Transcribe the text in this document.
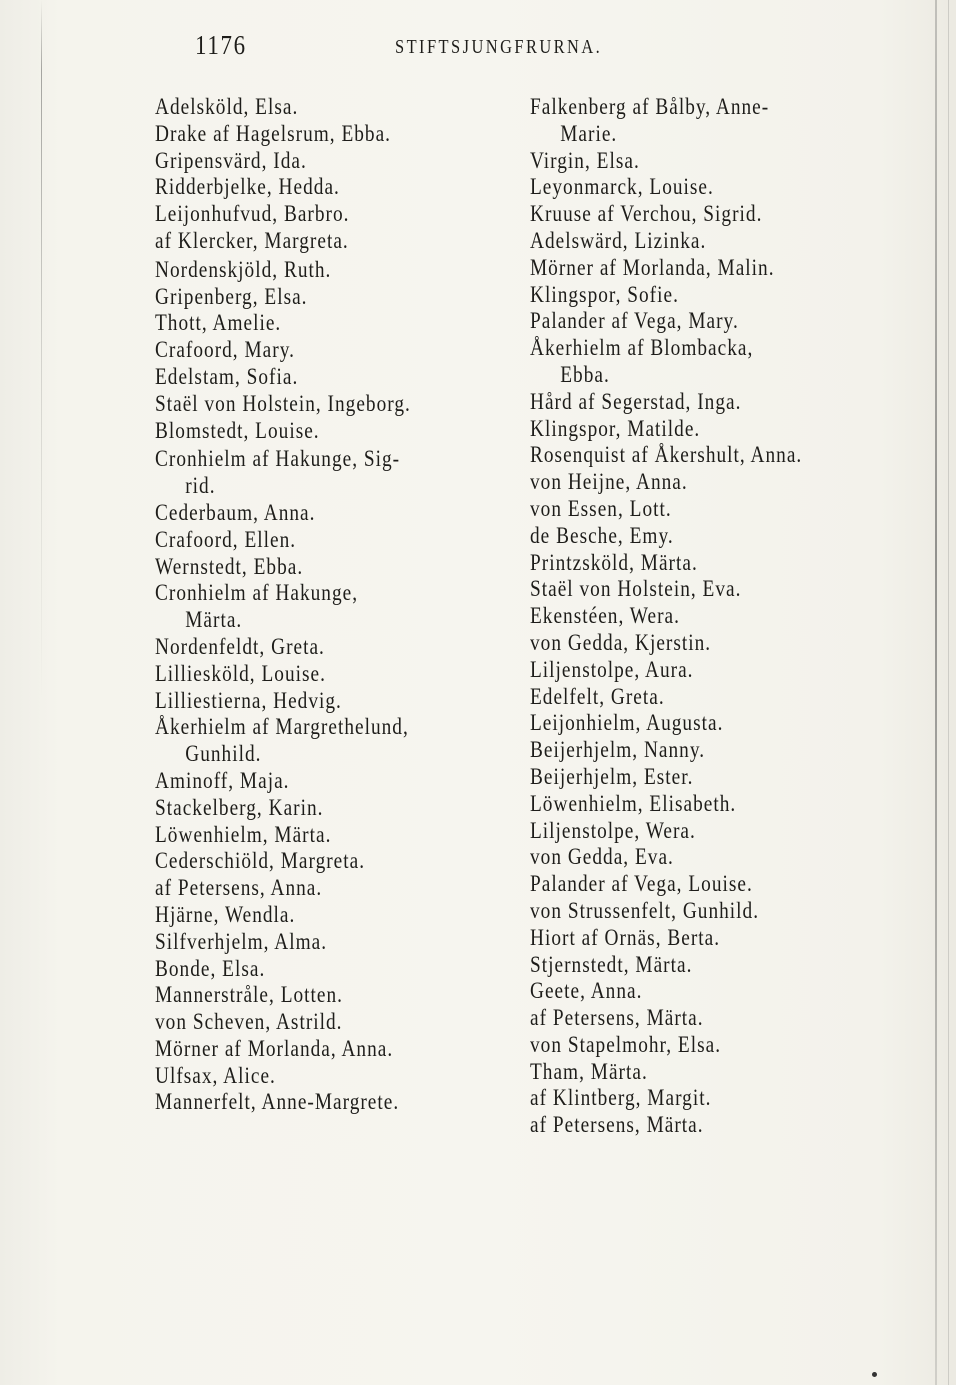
1176	STIFTSJUNGFRURNA.
Adelsköld, Elsa.
Drake af Hagelsrum, Ebba.
Gripensvärd, Ida.
Ridderbjelke, Hedda.
Leijonhufvud, Barbro.
af Klercker, Margreta.
Nordenskjöld, Ruth.
Gripenberg, Elsa.
Thott, Amelie.
Crafoord, Mary.
Edelstam, Sofia.
Staël von Holstein, Ingeborg.
Blomstedt, Louise.
Cronhielm af Hakunge, Sig-
rid.
Cederbaum, Anna.
Crafoord, Ellen.
Wernstedt, Ebba.
Cronhielm af Hakunge,
Märta.
Nordenfeldt, Greta.
Lilliesköld, Louise.
Lilliestierna, Hedvig.
Åkerhielm af Margrethelund,
Gunhild.
Aminoff, Maja.
Stackelberg, Karin.
Löwenhielm, Märta.
Cederschiöld, Margreta.
af Petersens, Anna.
Hjärne, Wendla.
Silfverhjelm, Alma.
Bonde, Elsa.
Mannerstråle, Lotten.
von Scheven, Astrild.
Mörner af Morlanda, Anna.
Ulfsax, Alice.
Mannerfelt, Anne-Margrete.
Falkenberg af Bålby, Anne-
Marie.
Virgin, Elsa.
Leyonmarck, Louise.
Kruuse af Verchou, Sigrid.
Adelswärd, Lizinka.
Mörner af Morlanda, Malin.
Klingspor, Sofie.
Palander af Vega, Mary.
Åkerhielm af Blombacka,
Ebba.
Hård af Segerstad, Inga.
Klingspor, Matilde.
Rosenquist af Åkershult, Anna.
von Heijne, Anna.
von Essen, Lott.
de Besche, Emy.
Printzsköld, Märta.
Staël von Holstein, Eva.
Ekenstéen, Wera.
von Gedda, Kjerstin.
Liljenstolpe, Aura.
Edelfelt, Greta.
Leijonhielm, Augusta.
Beijerhjelm, Nanny.
Beijerhjelm, Ester.
Löwenhielm, Elisabeth.
Liljenstolpe, Wera.
von Gedda, Eva.
Palander af Vega, Louise.
von Strussenfelt, Gunhild.
Hiort af Ornäs, Berta.
Stjernstedt, Märta.
Geete, Anna.
af Petersens, Märta.
von Stapelmohr, Elsa.
Tham, Märta.
af Klintberg, Margit.
af Petersens, Märta.
